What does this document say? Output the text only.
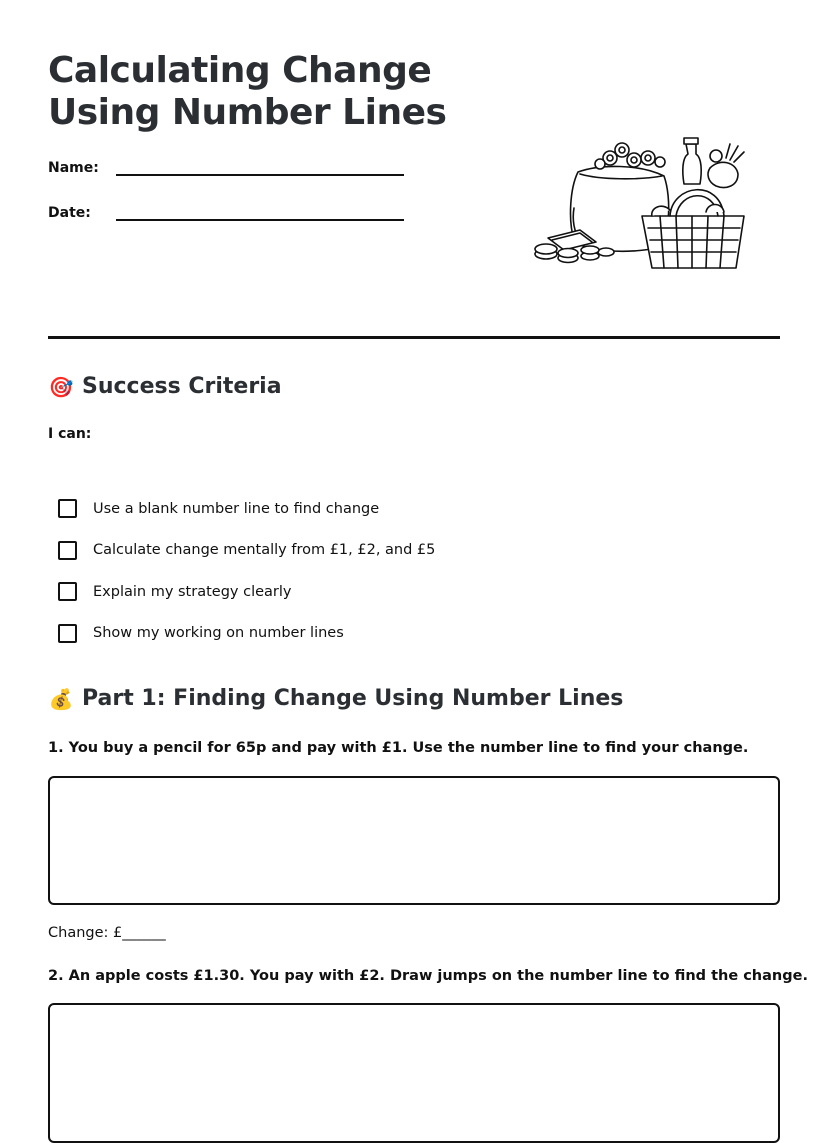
Calculating Change
Using Number Lines
Name:
Date:
🎯 Success Criteria
I can:
Use a blank number line to find change
Calculate change mentally from £1, £2, and £5
Explain my strategy clearly
Show my working on number lines
💰 Part 1: Finding Change Using Number Lines
1. You buy a pencil for 65p and pay with £1. Use the number line to find your change.
Change: £______
2. An apple costs £1.30. You pay with £2. Draw jumps on the number line to find the change.
